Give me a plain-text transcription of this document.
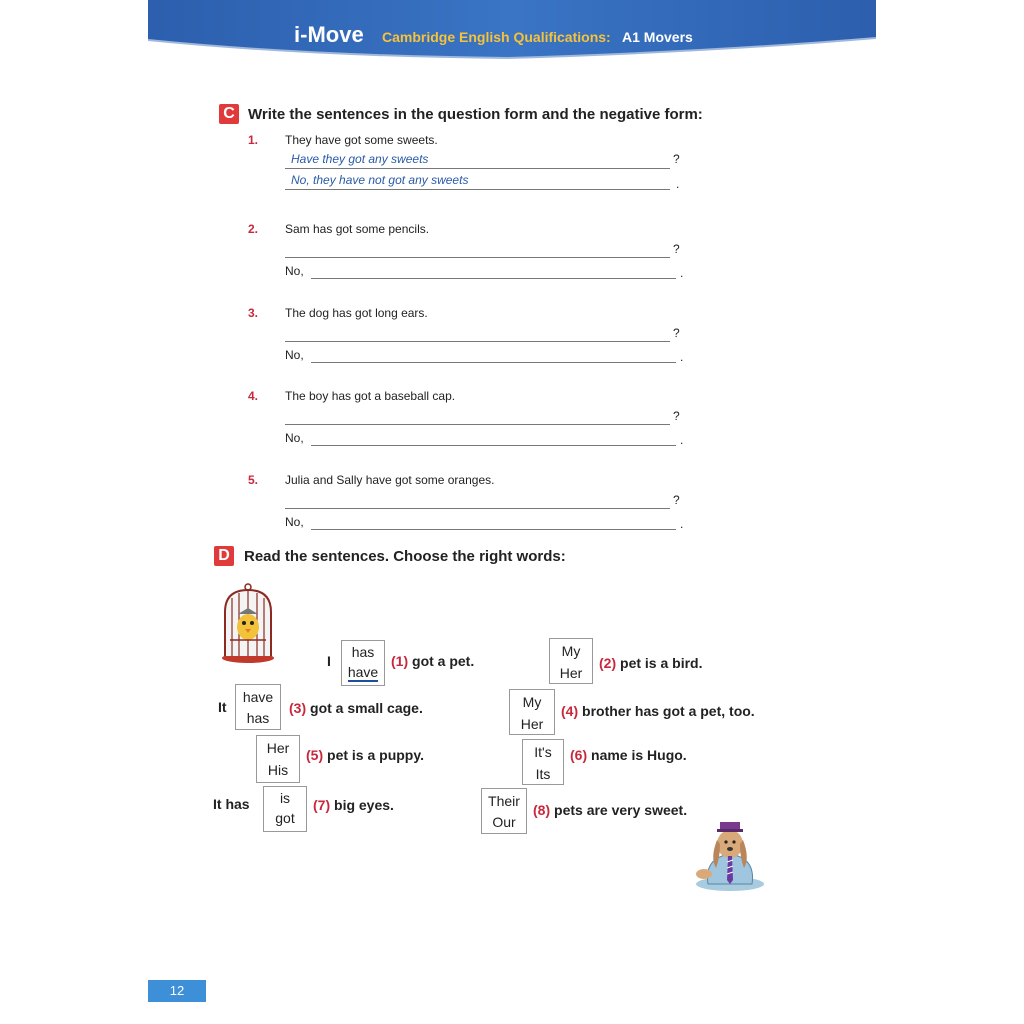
i-Move Cambridge English Qualifications: A1 Movers
C Write the sentences in the question form and the negative form:
1. They have got some sweets.
Have they got any sweets	?
No, they have not got any sweets	.
2. Sam has got some pencils.
?
No,	.
3. The dog has got long ears.
?
No,	.
4. The boy has got a baseball cap.
?
No,	.
5. Julia and Sally have got some oranges.
?
No,	.
D Read the sentences. Choose the right words:
I
has
have
(1) got a pet.
My
Her
(2) pet is a bird.
It
have
has
(3) got a small cage.	My
Her
(4) brother has got a pet, too.
Her
His
(5) pet is a puppy.	It's
Its
(6) name is Hugo.
It has	is
got
(7) big eyes.	Their
Our
(8) pets are very sweet.
12
